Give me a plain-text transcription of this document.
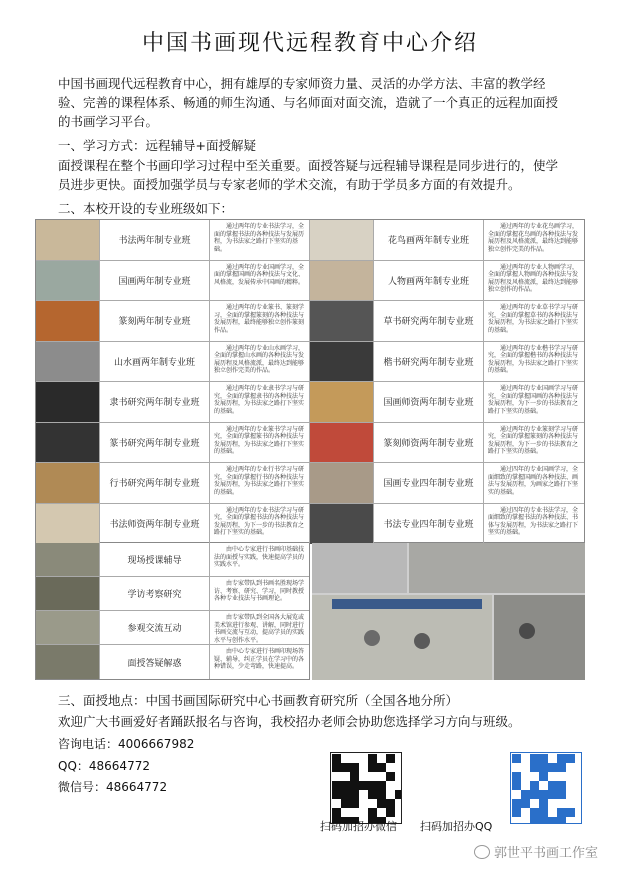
中国书画现代远程教育中心介绍
中国书画现代远程教育中心，拥有雄厚的专家师资力量、灵活的办学方法、丰富的教学经验、完善的课程体系、畅通的师生沟通、与名师面对面交流，造就了一个真正的远程加面授的书画学习平台。
一、学习方式：远程辅导+面授解疑
面授课程在整个书画印学习过程中至关重要。面授答疑与远程辅导课程是同步进行的，使学员进步更快。面授加强学员与专家老师的学术交流，有助于学员多方面的有效提升。
二、本校开设的专业班级如下：
书法两年制专业班
通过两年的专业书法学习，全面的掌握书法的各种技法与发展历程，为书法家之路打下坚实的基础。
花鸟画两年制专业班
通过两年的专业花鸟画学习，全面的掌握花鸟画的各种技法与发展历程及风格流派，最终达到能够独立创作完美的作品。
国画两年制专业班
通过两年的专业国画学习，全面的掌握国画的各种技法与文化、风格流，发展传承中国画的精粹。	人物画两年制专业班
通过两年的专业人物画学习，全面的掌握人物画的各种技法与发展历程及风格流派，最终达到能够独立创作的作品。
篆刻两年制专业班
通过两年的专业篆书、篆刻学习，全面的掌握篆刻的各种技法与发展历程，最终能够独立创作篆刻作品。
草书研究两年制专业班
通过两年的专业草书学习与研究，全面的掌握草书的各种技法与发展历程，为书法家之路打下坚实的基础。
山水画两年制专业班
通过两年的专业山水画学习，全面的掌握山水画的各种技法与发展历程及风格流派，最终达到能够独立创作完美的作品。
楷书研究两年制专业班
通过两年的专业楷书学习与研究，全面的掌握楷书的各种技法与发展历程，为书法家之路打下坚实的基础。
隶书研究两年制专业班
通过两年的专业隶书学习与研究，全面的掌握隶书的各种技法与发展历程，为书法家之路打下坚实的基础。
国画师资两年制专业班
通过两年的专业国画学习与研究，全面的掌握国画的各种技法与发展历程，为下一步的书法教育之路打下坚实的基础。
篆书研究两年制专业班
通过两年的专业篆书学习与研究，全面的掌握篆书的各种技法与发展历程，为书法家之路打下坚实的基础。
篆刻师资两年制专业班
通过两年的专业篆刻学习与研究，全面的掌握篆刻的各种技法与发展历程，为下一步的书法教育之路打下坚实的基础。
行书研究两年制专业班
通过两年的专业行书学习与研究，全面的掌握行书的各种技法与发展历程，为书法家之路打下坚实的基础。
国画专业四年制专业班
通过四年的专业国画学习，全面细致的掌握国画的各种技法、画法与发展历程，为画家之路打下坚实的基础。
书法师资两年制专业班
通过两年的专业书法学习与研究，全面的掌握书法的各种技法与发展历程，为下一步的书法教育之路打下坚实的基础。
书法专业四年制专业班
通过四年的专业书法学习，全面细致的掌握书法的各种技法、书体与发展历程，为书法家之路打下坚实的基础。
现场授课辅导
由中心专家进行书画印基础技法的面授与实践，快速提高学员的实践水平。
学访考察研究
由专家带队到书画名胜现场学访、考察、研究、学习，同时教授各种专业技法与书画理论。
参观交流互动
由专家带队到全国各大展览或美术馆进行参观、讲解，同时进行书画交流与互动，提高学员的实践水平与创作水平。
面授答疑解惑
由中心专家进行书画印现场答疑、辅导，纠正学员在学习中的各种错误，少走弯路，快速提高。
三、面授地点：中国书画国际研究中心书画教育研究所（全国各地分所）
欢迎广大书画爱好者踊跃报名与咨询，我校招办老师会协助您选择学习方向与班级。
咨询电话：4006667982
QQ：48664772
微信号：48664772
扫码加招办微信 扫码加招办QQ
郭世平书画工作室
